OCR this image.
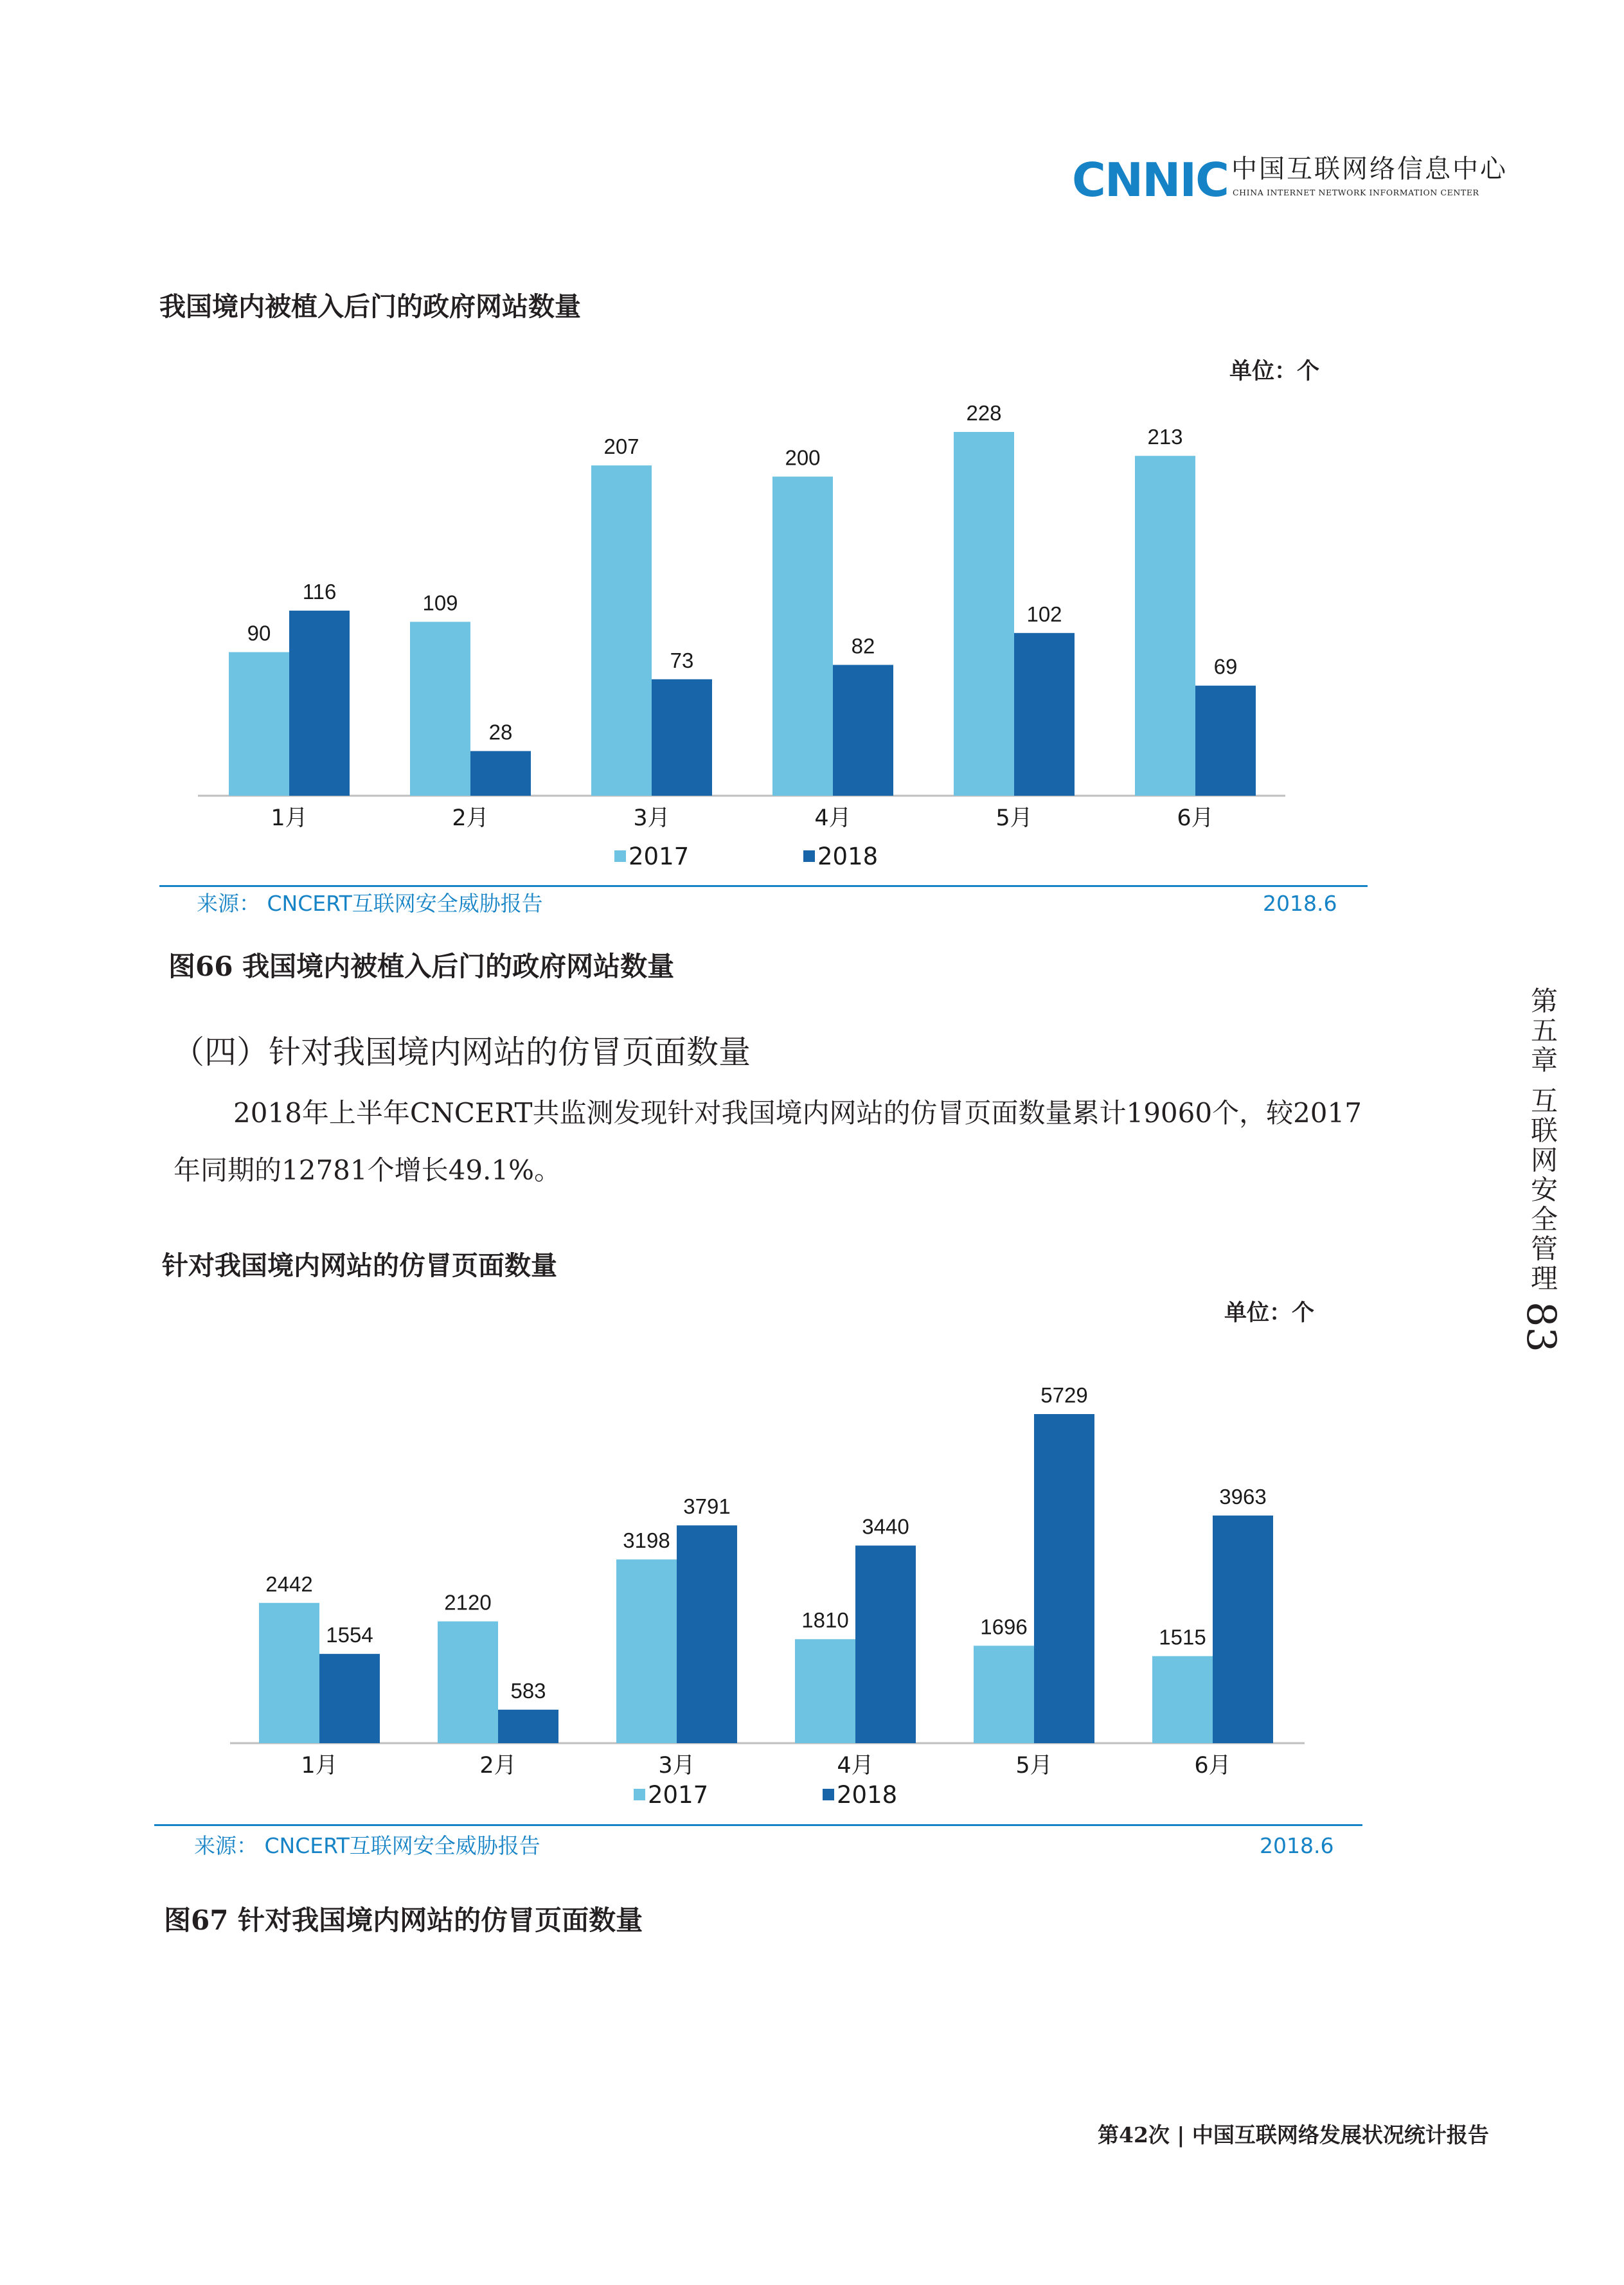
CNNIC 中国互联网络信息中心
CHINA INTERNET NETWORK INFORMATION CENTER
我国境内被植入后门的政府网站数量
单位：个
90
116
1月
109
28
2月
207
73
3月
200
82
4月
228
102
5月
213
69
6月
2017	2018
2442
1554
1月
2120
583
2月
3198
3791
3月
1810
3440
4月
1696
5729
5月
1515
3963
6月
2017	2018
来源： CNCERT互联网安全威胁报告	2018.6
图66 我国境内被植入后门的政府网站数量
（四）针对我国境内网站的仿冒页面数量
2018年上半年CNCERT共监测发现针对我国境内网站的仿冒页面数量累计19060个，较2017
年同期的12781个增长49.1%。
针对我国境内网站的仿冒页面数量
单位：个
来源： CNCERT互联网安全威胁报告	2018.6
图67 针对我国境内网站的仿冒页面数量
第五章 互联网安全管理
83
第42次 | 中国互联网络发展状况统计报告
